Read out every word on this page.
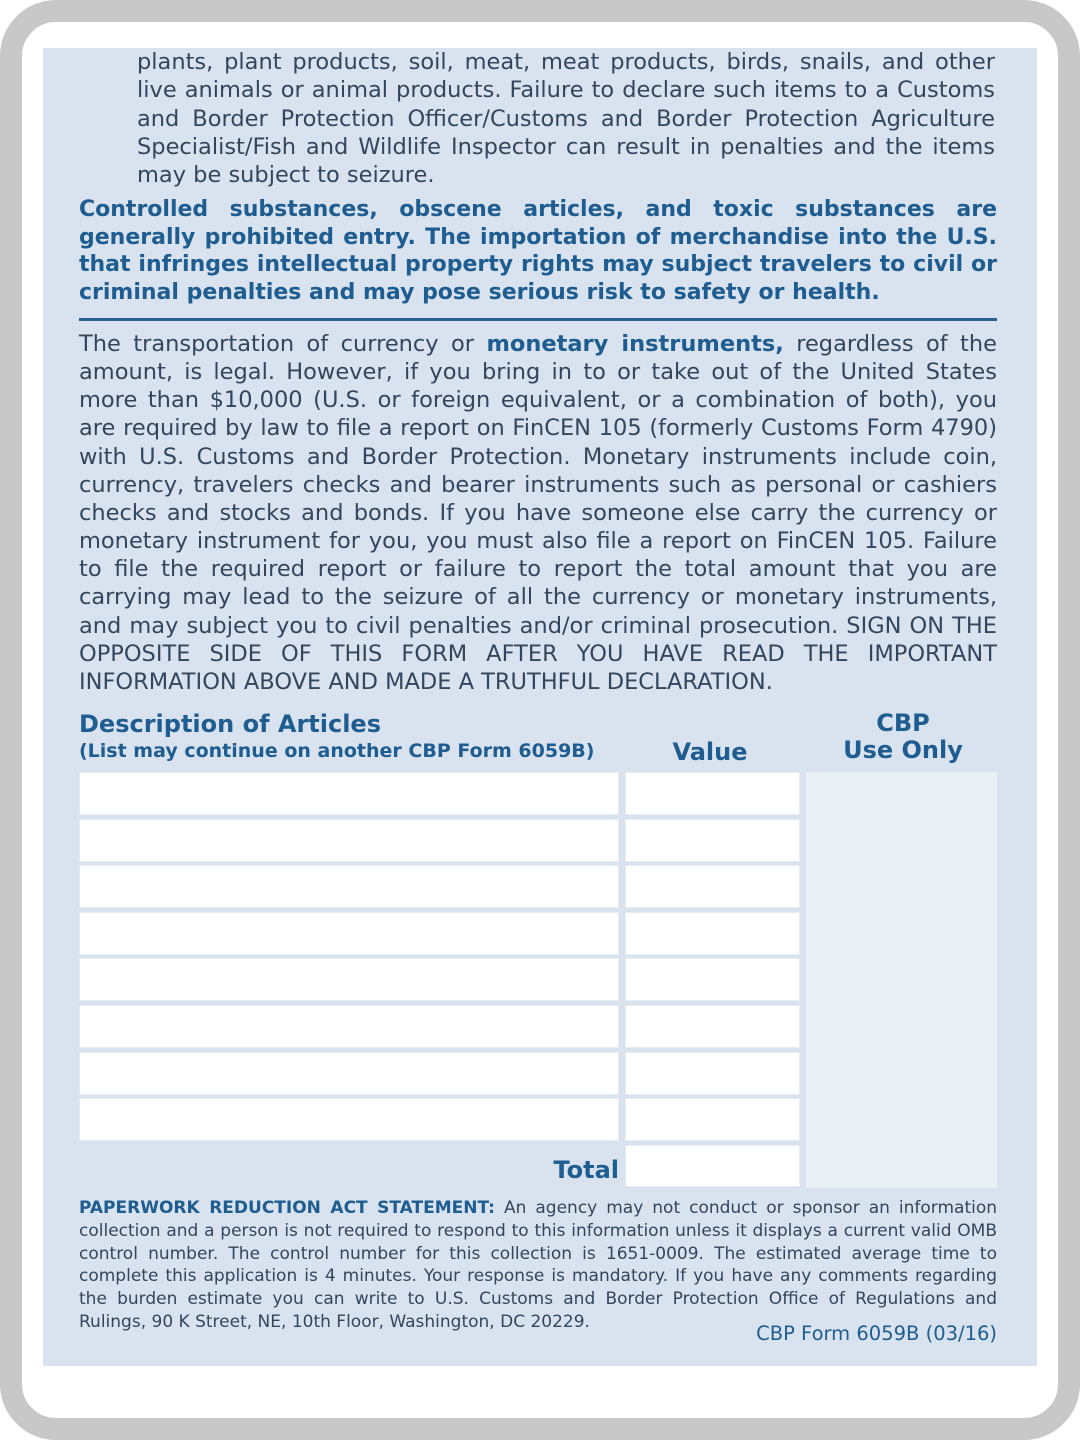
plants, plant products, soil, meat, meat products, birds, snails, and other live animals or animal products. Failure to declare such items to a Customs and Border Protection Officer/Customs and Border Protection Agriculture Specialist/Fish and Wildlife Inspector can result in penalties and the items may be subject to seizure.
Controlled substances, obscene articles, and toxic substances are generally prohibited entry. The importation of merchandise into the U.S. that infringes intellectual property rights may subject travelers to civil or criminal penalties and may pose serious risk to safety or health.
The transportation of currency or monetary instruments, regardless of the amount, is legal. However, if you bring in to or take out of the United States more than $10,000 (U.S. or foreign equivalent, or a combination of both), you are required by law to file a report on FinCEN 105 (formerly Customs Form 4790) with U.S. Customs and Border Protection. Monetary instruments include coin, currency, travelers checks and bearer instruments such as personal or cashiers checks and stocks and bonds. If you have someone else carry the currency or monetary instrument for you, you must also file a report on FinCEN 105. Failure to file the required report or failure to report the total amount that you are carrying may lead to the seizure of all the currency or monetary instruments, and may subject you to civil penalties and/or criminal prosecution. SIGN ON THE OPPOSITE SIDE OF THIS FORM AFTER YOU HAVE READ THE IMPORTANT INFORMATION ABOVE AND MADE A TRUTHFUL DECLARATION.
Description of Articles
(List may continue on another CBP Form 6059B)	Value
CBP
Use Only
Total
PAPERWORK REDUCTION ACT STATEMENT: An agency may not conduct or sponsor an information collection and a person is not required to respond to this information unless it displays a current valid OMB control number. The control number for this collection is 1651-0009. The estimated average time to complete this application is 4 minutes. Your response is mandatory. If you have any comments regarding the burden estimate you can write to U.S. Customs and Border Protection Office of Regulations and Rulings, 90 K Street, NE, 10th Floor, Washington, DC 20229.
CBP Form 6059B (03/16)
